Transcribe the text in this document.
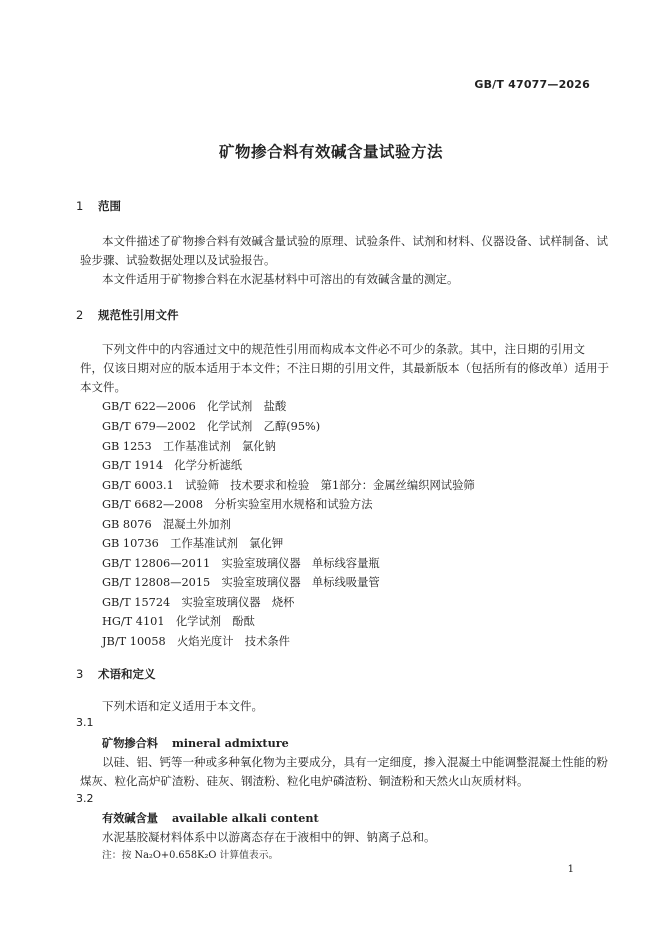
GB/T 47077—2026
矿物掺合料有效碱含量试验方法
1 范围
本文件描述了矿物掺合料有效碱含量试验的原理、试验条件、试剂和材料、仪器设备、试样制备、试
验步骤、试验数据处理以及试验报告。
本文件适用于矿物掺合料在水泥基材料中可溶出的有效碱含量的测定。
2 规范性引用文件
下列文件中的内容通过文中的规范性引用而构成本文件必不可少的条款。其中，注日期的引用文
件，仅该日期对应的版本适用于本文件；不注日期的引用文件，其最新版本（包括所有的修改单）适用于
本文件。
GB/T 622—2006　化学试剂　盐酸
GB/T 679—2002　化学试剂　乙醇(95%)
GB 1253　工作基准试剂　氯化钠
GB/T 1914　化学分析滤纸
GB/T 6003.1　试验筛　技术要求和检验　第1部分：金属丝编织网试验筛
GB/T 6682—2008　分析实验室用水规格和试验方法
GB 8076　混凝土外加剂
GB 10736　工作基准试剂　氯化钾
GB/T 12806—2011　实验室玻璃仪器　单标线容量瓶
GB/T 12808—2015　实验室玻璃仪器　单标线吸量管
GB/T 15724　实验室玻璃仪器　烧杯
HG/T 4101　化学试剂　酚酞
JB/T 10058　火焰光度计　技术条件
3 术语和定义
下列术语和定义适用于本文件。
3.1
矿物掺合料 mineral admixture
以硅、铝、钙等一种或多种氧化物为主要成分，具有一定细度，掺入混凝土中能调整混凝土性能的粉
煤灰、粒化高炉矿渣粉、硅灰、钢渣粉、粒化电炉磷渣粉、铜渣粉和天然火山灰质材料。
3.2
有效碱含量 available alkali content
水泥基胶凝材料体系中以游离态存在于液相中的钾、钠离子总和。
注：按 Na₂O+0.658K₂O 计算值表示。
1
